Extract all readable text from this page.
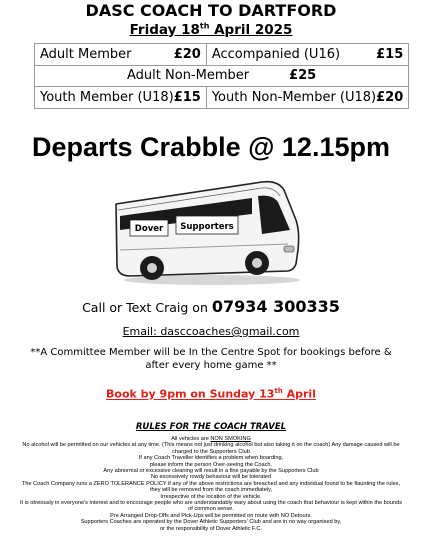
DASC COACH TO DARTFORD
Friday 18th April 2025
Adult Member £20	Accompanied (U16) £15

Adult Non-Member £25	

Youth Member (U18) £15	Youth Non-Member (U18) £20
Departs Crabble @ 12.15pm
Dover Supporters
Call or Text Craig on 07934 300335
Email: dasccoaches@gmail.com
**A Committee Member will be In the Centre Spot for bookings before & after every home game **
Book by 9pm on Sunday 13th April
RULES FOR THE COACH TRAVEL
All vehicles are NON SMOKING
No alcohol will be permitted on our vehicles at any time. (This means not just drinking alcohol but also taking it on the coach) Any damage caused will be charged to the Supporters Club
If any Coach Traveller identifies a problem when boarding,
please inform the person Over-seeing the Coach.
Any abnormal or excessive cleaning will result in a fine payable by the Supporters Club
No excessively rowdy behaviour will be tolerated
The Coach Company runs a ZERO TOLERANCE POLICY if any of the above restrictions are breached and any individual found to be flaunting the rules, they will be removed from the coach immediately,
Irrespective of the location of the vehicle.
It is obviously in everyone's interest and to encourage people who are understandably wary about using the coach that behaviour is kept within the bounds of common sense.
Pre Arranged Drop-Offs and Pick-Ups will be permitted on route with NO Detours.
Supporters Coaches are operated by the Dover Athletic Supporters' Club and are in no way organised by,
or the responsibility of Dover Athletic F.C.
